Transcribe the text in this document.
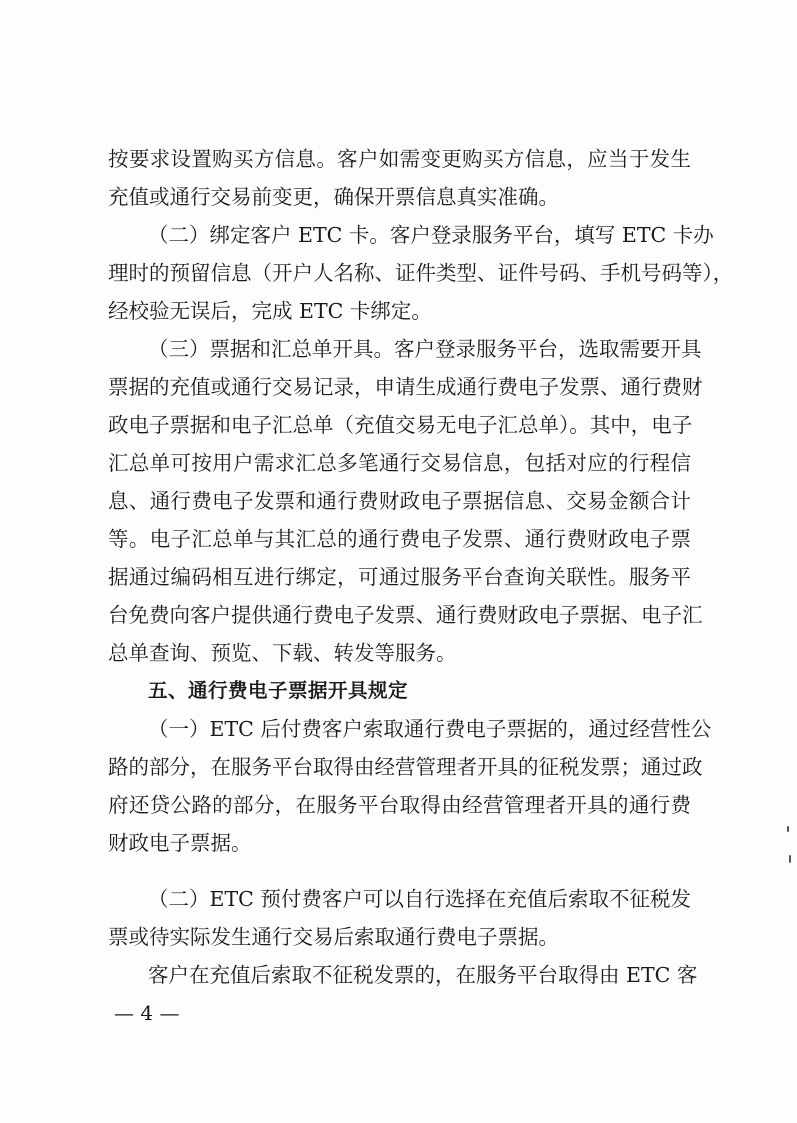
按要求设置购买方信息。客户如需变更购买方信息，应当于发生
充值或通行交易前变更，确保开票信息真实准确。
（二）绑定客户 ETC 卡。客户登录服务平台，填写 ETC 卡办
理时的预留信息（开户人名称、证件类型、证件号码、手机号码等），
经校验无误后，完成 ETC 卡绑定。
（三）票据和汇总单开具。客户登录服务平台，选取需要开具
票据的充值或通行交易记录，申请生成通行费电子发票、通行费财
政电子票据和电子汇总单（充值交易无电子汇总单）。其中，电子
汇总单可按用户需求汇总多笔通行交易信息，包括对应的行程信
息、通行费电子发票和通行费财政电子票据信息、交易金额合计
等。电子汇总单与其汇总的通行费电子发票、通行费财政电子票
据通过编码相互进行绑定，可通过服务平台查询关联性。服务平
台免费向客户提供通行费电子发票、通行费财政电子票据、电子汇
总单查询、预览、下载、转发等服务。
五、通行费电子票据开具规定
（一）ETC 后付费客户索取通行费电子票据的，通过经营性公
路的部分，在服务平台取得由经营管理者开具的征税发票；通过政
府还贷公路的部分，在服务平台取得由经营管理者开具的通行费
财政电子票据。
（二）ETC 预付费客户可以自行选择在充值后索取不征税发
票或待实际发生通行交易后索取通行费电子票据。
客户在充值后索取不征税发票的，在服务平台取得由 ETC 客
— 4 —
